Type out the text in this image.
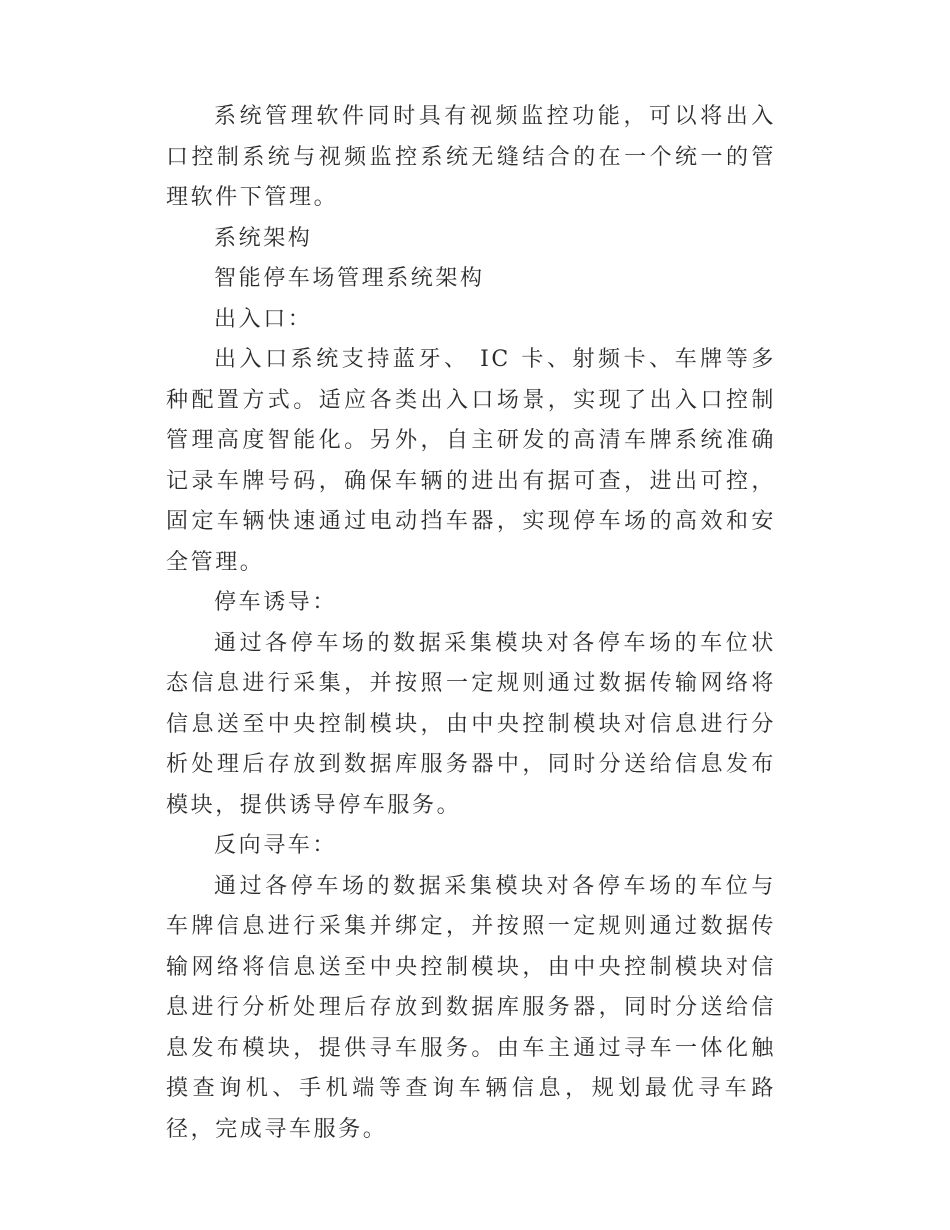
系统管理软件同时具有视频监控功能，可以将出入口控制系统与视频监控系统无缝结合的在一个统一的管理软件下管理。

系统架构

智能停车场管理系统架构

出入口：

出入口系统支持蓝牙、 IC 卡、射频卡、车牌等多种配置方式。适应各类出入口场景，实现了出入口控制管理高度智能化。另外，自主研发的高清车牌系统准确记录车牌号码，确保车辆的进出有据可查，进出可控，固定车辆快速通过电动挡车器，实现停车场的高效和安全管理。

停车诱导：

通过各停车场的数据采集模块对各停车场的车位状态信息进行采集，并按照一定规则通过数据传输网络将信息送至中央控制模块，由中央控制模块对信息进行分析处理后存放到数据库服务器中，同时分送给信息发布模块，提供诱导停车服务。

反向寻车：

通过各停车场的数据采集模块对各停车场的车位与车牌信息进行采集并绑定，并按照一定规则通过数据传输网络将信息送至中央控制模块，由中央控制模块对信息进行分析处理后存放到数据库服务器，同时分送给信息发布模块，提供寻车服务。由车主通过寻车一体化触摸查询机、手机端等查询车辆信息，规划最优寻车路径，完成寻车服务。
